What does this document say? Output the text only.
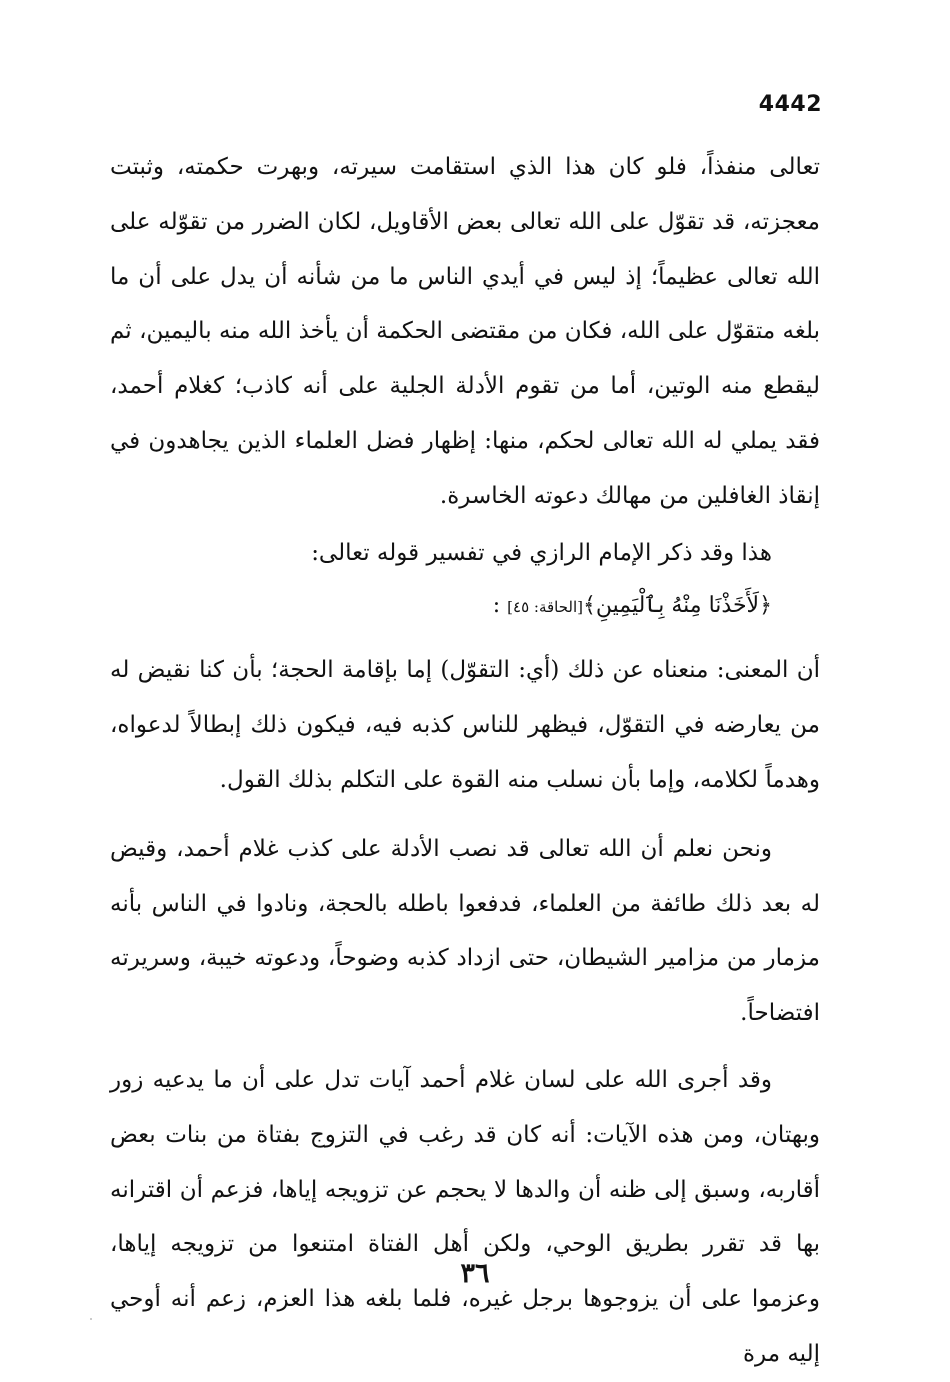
4442

تعالى منفذاً، فلو كان هذا الذي استقامت سيرته، وبهرت حكمته، وثبتت معجزته، قد تقوّل على الله تعالى بعض الأقاويل، لكان الضرر من تقوّله على الله تعالى عظيماً؛ إذ ليس في أيدي الناس ما من شأنه أن يدل على أن ما بلغه متقوّل على الله، فكان من مقتضى الحكمة أن يأخذ الله منه باليمين، ثم ليقطع منه الوتين، أما من تقوم الأدلة الجلية على أنه كاذب؛ كغلام أحمد، فقد يملي له الله تعالى لحكم، منها: إظهار فضل العلماء الذين يجاهدون في إنقاذ الغافلين من مهالك دعوته الخاسرة.

هذا وقد ذكر الإمام الرازي في تفسير قوله تعالى:

﴿لَأَخَذْنَا مِنْهُ بِٱلْيَمِينِ﴾[الحاقة: ٤٥] :

أن المعنى: منعناه عن ذلك (أي: التقوّل) إما بإقامة الحجة؛ بأن كنا نقيض له من يعارضه في التقوّل، فيظهر للناس كذبه فيه، فيكون ذلك إبطالاً لدعواه، وهدماً لكلامه، وإما بأن نسلب منه القوة على التكلم بذلك القول.

ونحن نعلم أن الله تعالى قد نصب الأدلة على كذب غلام أحمد، وقيض له بعد ذلك طائفة من العلماء، فدفعوا باطله بالحجة، ونادوا في الناس بأنه مزمار من مزامير الشيطان، حتى ازداد كذبه وضوحاً، ودعوته خيبة، وسريرته افتضاحاً.

وقد أجرى الله على لسان غلام أحمد آيات تدل على أن ما يدعيه زور وبهتان، ومن هذه الآيات: أنه كان قد رغب في التزوج بفتاة من بنات بعض أقاربه، وسبق إلى ظنه أن والدها لا يحجم عن تزويجه إياها، فزعم أن اقترانه بها قد تقرر بطريق الوحي، ولكن أهل الفتاة امتنعوا من تزويجه إياها، وعزموا على أن يزوجوها برجل غيره، فلما بلغه هذا العزم، زعم أنه أوحي إليه مرة

٣٦
